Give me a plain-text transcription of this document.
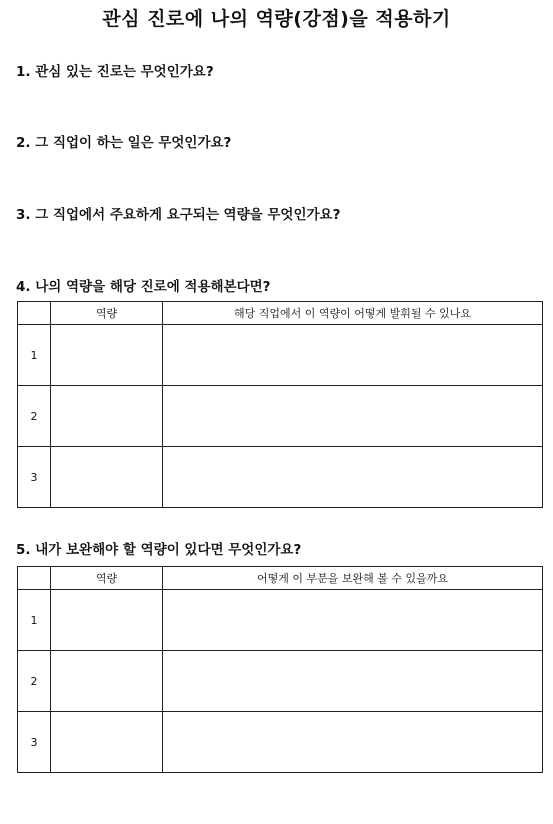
관심 진로에 나의 역량(강점)을 적용하기
1. 관심 있는 진로는 무엇인가요?
2. 그 직업이 하는 일은 무엇인가요?
3. 그 직업에서 주요하게 요구되는 역량을 무엇인가요?
4. 나의 역량을 해당 진로에 적용해본다면?
	역량	해당 직업에서 이 역량이 어떻게 발휘될 수 있나요
1		
2		
3		
5. 내가 보완해야 할 역량이 있다면 무엇인가요?
	역량	어떻게 이 부분을 보완해 볼 수 있을까요
1		
2		
3		
